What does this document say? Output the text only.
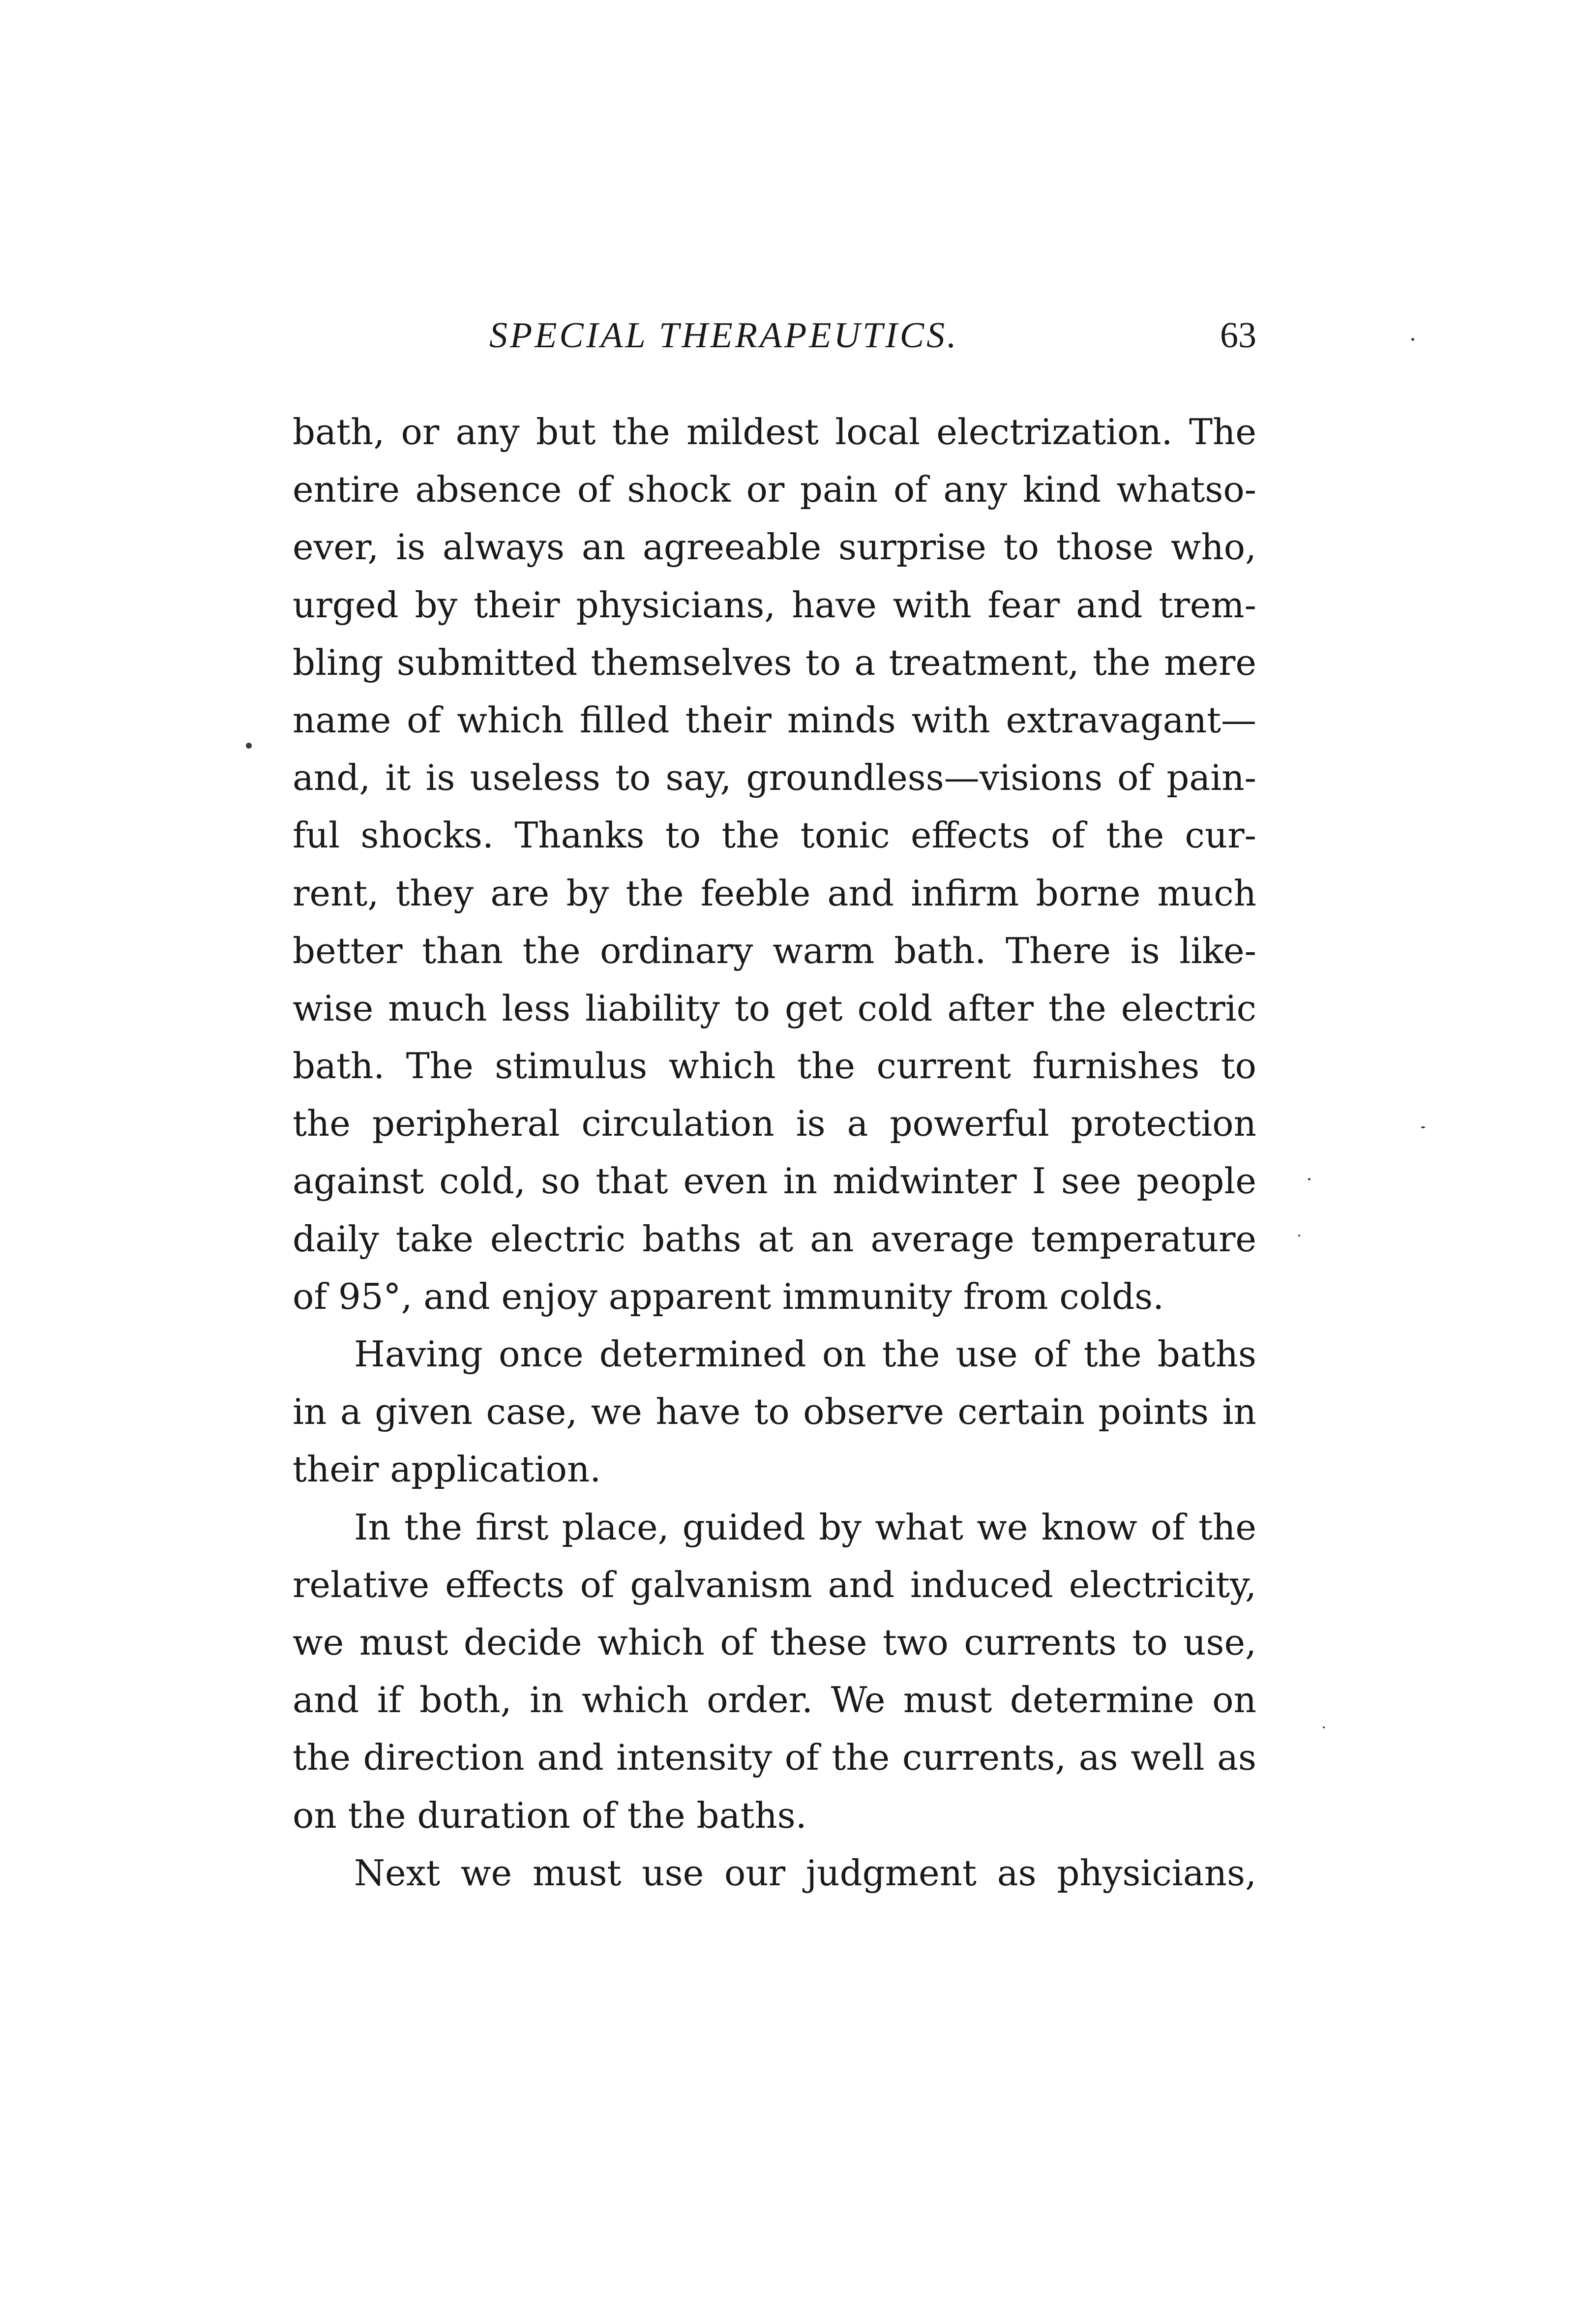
SPECIAL THERAPEUTICS.	63
bath, or any but the mildest local electrization. The
entire absence of shock or pain of any kind whatso-
ever, is always an agreeable surprise to those who,
urged by their physicians, have with fear and trem-
bling submitted themselves to a treatment, the mere
name of which filled their minds with extravagant—
and, it is useless to say, groundless—visions of pain-
ful shocks. Thanks to the tonic effects of the cur-
rent, they are by the feeble and infirm borne much
better than the ordinary warm bath. There is like-
wise much less liability to get cold after the electric
bath. The stimulus which the current furnishes to
the peripheral circulation is a powerful protection
against cold, so that even in midwinter I see people
daily take electric baths at an average temperature
of 95°, and enjoy apparent immunity from colds.
Having once determined on the use of the baths
in a given case, we have to observe certain points in
their application.
In the first place, guided by what we know of the
relative effects of galvanism and induced electricity,
we must decide which of these two currents to use,
and if both, in which order. We must determine on
the direction and intensity of the currents, as well as
on the duration of the baths.
Next we must use our judgment as physicians,
